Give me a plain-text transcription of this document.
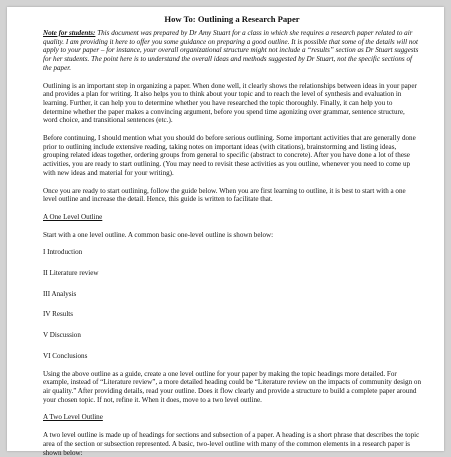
How To: Outlining a Research Paper

Note for students: This document was prepared by Dr Amy Stuart for a class in which she requires a research paper related to air quality. I am providing it here to offer you some guidance on preparing a good outline. It is possible that some of the details will not apply to your paper – for instance, your overall organizational structure might not include a “results” section as Dr Stuart suggests for her students. The point here is to understand the overall ideas and methods suggested by Dr Stuart, not the specific sections of the paper.

Outlining is an important step in organizing a paper. When done well, it clearly shows the relationships between ideas in your paper and provides a plan for writing. It also helps you to think about your topic and to reach the level of synthesis and evaluation in learning. Further, it can help you to determine whether you have researched the topic thoroughly. Finally, it can help you to determine whether the paper makes a convincing argument, before you spend time agonizing over grammar, sentence structure, word choice, and transitional sentences (etc.).

Before continuing, I should mention what you should do before serious outlining. Some important activities that are generally done prior to outlining include extensive reading, taking notes on important ideas (with citations), brainstorming and listing ideas, grouping related ideas together, ordering groups from general to specific (abstract to concrete). After you have done a lot of these activities, you are ready to start outlining. (You may need to revisit these activities as you outline, whenever you need to come up with new ideas and material for your writing).

Once you are ready to start outlining, follow the guide below. When you are first learning to outline, it is best to start with a one level outline and increase the detail. Hence, this guide is written to facilitate that.

A One Level Outline

Start with a one level outline. A common basic one-level outline is shown below:

I Introduction
II Literature review
III Analysis
IV Results
V Discussion
VI Conclusions

Using the above outline as a guide, create a one level outline for your paper by making the topic headings more detailed. For example, instead of “Literature review”, a more detailed heading could be “Literature review on the impacts of community design on air quality.” After providing details, read your outline. Does it flow clearly and provide a structure to build a complete paper around your chosen topic. If not, refine it. When it does, move to a two level outline.

A Two Level Outline

A two level outline is made up of headings for sections and subsection of a paper. A heading is a short phrase that describes the topic area of the section or subsection represented. A basic, two-level outline with many of the common elements in a research paper is shown below:
